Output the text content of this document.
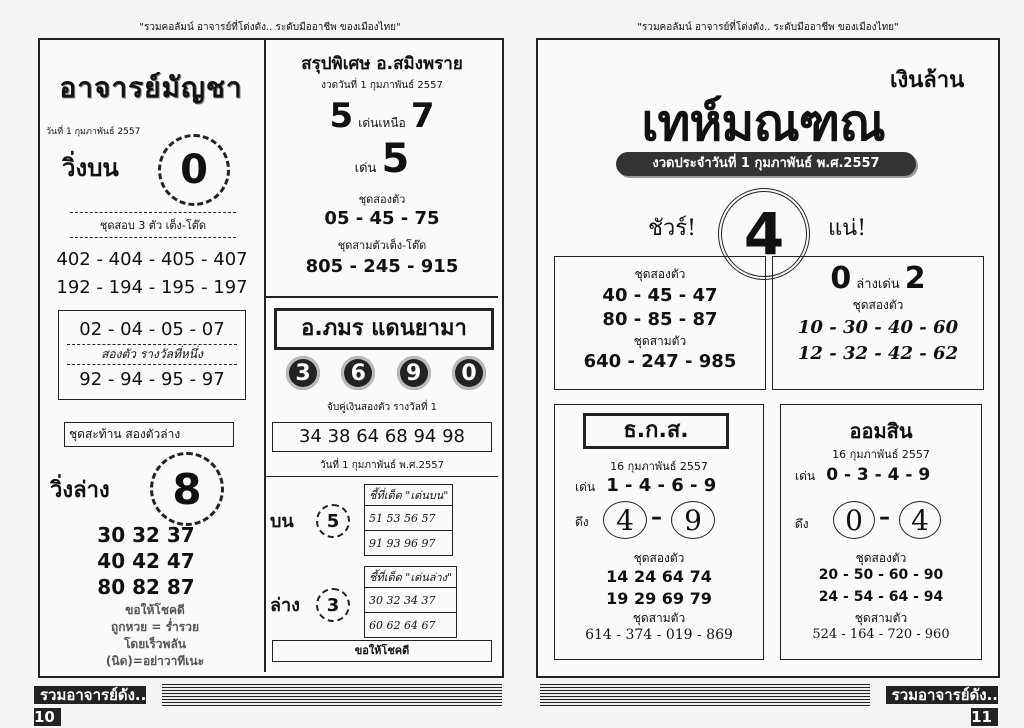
"รวมคอลัมน์ อาจารย์ที่โด่งดัง.. ระดับมืออาชีพ ของเมืองไทย"
อาจารย์มัญชา
วันที่ 1 กุมภาพันธ์ 2557
วิ่งบน	0
ชุดสอบ 3 ตัว เต็ง-โต๊ด
402 - 404 - 405 - 407
192 - 194 - 195 - 197
02 - 04 - 05 - 07
สองตัว รางวัลที่หนึ่ง
92 - 94 - 95 - 97
ชุดสะท้าน สองตัวล่าง
วิ่งล่าง	8
30 32 37
40 42 47
80 82 87
ขอให้โชคดี
ถูกหวย = ร่ำรวย
โดยเร็วพลัน
(นิด)=อย่าวาทีเนะ
สรุปพิเศษ อ.สมิงพราย
งวดวันที่ 1 กุมภาพันธ์ 2557
5 เด่นเหนือ 7
เด่น 5
ชุดสองตัว
05 - 45 - 75
ชุดสามตัวเต็ง-โต๊ด
805 - 245 - 915
อ.ภมร แดนยามา
3	6	9	0
จับคู่เงินสองตัว รางวัลที่ 1
34 38 64 68 94 98
วันที่ 1 กุมภาพันธ์ พ.ศ.2557
บน	5
ชี้ที่เด็ด "เด่นบน"
51 53 56 57
91 93 96 97
ล่าง	3
ชี้ที่เด็ด "เด่นล่าง"
30 32 34 37
60 62 64 67
ขอให้โชคดี
รวมอาจารย์ดัง.. 10
"รวมคอลัมน์ อาจารย์ที่โด่งดัง.. ระดับมืออาชีพ ของเมืองไทย"
เงินล้าน
เทห์มณฑณ
งวดประจำวันที่ 1 กุมภาพันธ์ พ.ศ.2557
ชัวร์! 4	แน่!
ชุดสองตัว
40 - 45 - 47
80 - 85 - 87
ชุดสามตัว
640 - 247 - 985
0 ล่างเด่น 2
ชุดสองตัว
10 - 30 - 40 - 60
12 - 32 - 42 - 62
ธ.ก.ส.
16 กุมภาพันธ์ 2557
เด่น 1 - 4 - 6 - 9
ดึง 4 – 9
ชุดสองตัว
14 24 64 74
19 29 69 79
ชุดสามตัว
614 - 374 - 019 - 869
ออมสิน
16 กุมภาพันธ์ 2557
เด่น 0 - 3 - 4 - 9
ดึง	0 – 4
ชุดสองตัว
20 - 50 - 60 - 90
24 - 54 - 64 - 94
ชุดสามตัว
524 - 164 - 720 - 960
รวมอาจารย์ดัง.. 11
